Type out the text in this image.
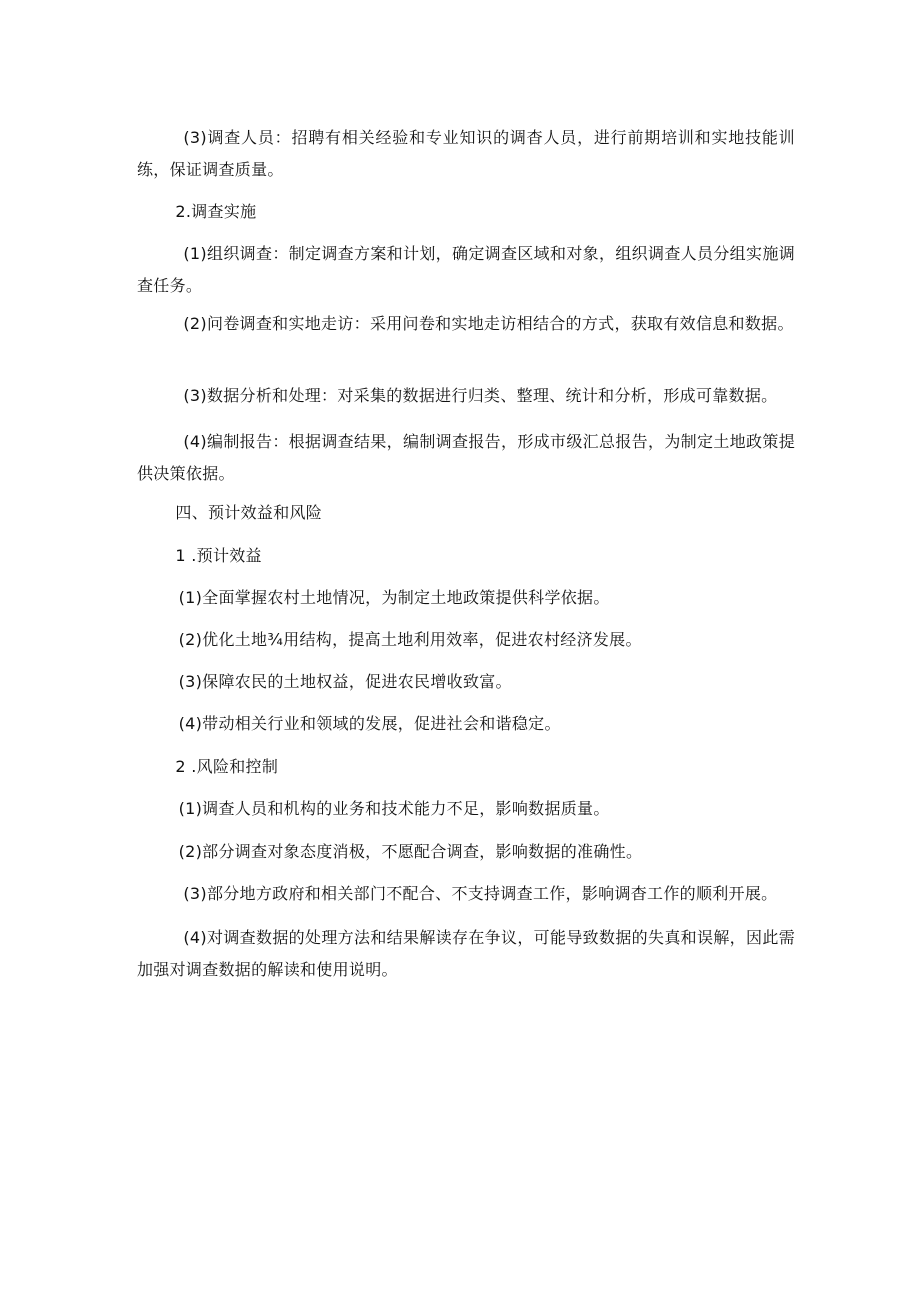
(3)调查人员：招聘有相关经验和专业知识的调杳人员，进行前期培训和实地技能训练，保证调查质量。

2.调查实施

(1)组织调查：制定调查方案和计划，确定调查区域和对象，组织调查人员分组实施调查任务。

(2)问卷调查和实地走访：采用问卷和实地走访相结合的方式，获取有效信息和数据。

(3)数据分析和处理：对采集的数据进行归类、整理、统计和分析，形成可靠数据。

(4)编制报告：根据调查结果，编制调查报告，形成市级汇总报告，为制定土地政策提供决策依据。

四、预计效益和风险

1 .预计效益

(1)全面掌握农村土地情况，为制定土地政策提供科学依据。

(2)优化土地¾用结构，提高土地利用效率，促进农村经济发展。

(3)保障农民的土地权益，促进农民增收致富。

(4)带动相关行业和领域的发展，促进社会和谐稳定。

2 .风险和控制

(1)调查人员和机构的业务和技术能力不足，影响数据质量。

(2)部分调查对象态度消极，不愿配合调查，影响数据的准确性。

(3)部分地方政府和相关部门不配合、不支持调查工作，影响调杳工作的顺利开展。

(4)对调查数据的处理方法和结果解读存在争议，可能导致数据的失真和误解，因此需加强对调查数据的解读和使用说明。
